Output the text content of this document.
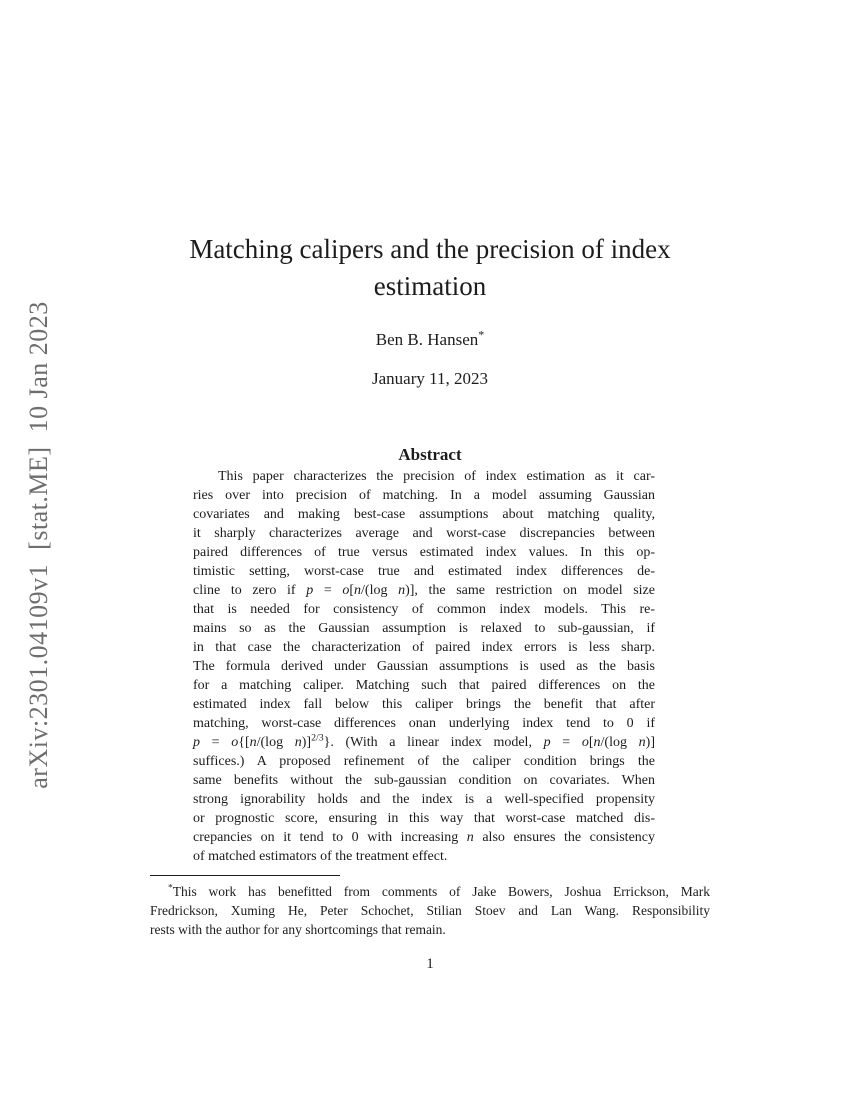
arXiv:2301.04109v1  [stat.ME]  10 Jan 2023
Matching calipers and the precision of index
estimation
Ben B. Hansen*
January 11, 2023
Abstract
This paper characterizes the precision of index estimation as it car-
ries over into precision of matching. In a model assuming Gaussian
covariates and making best-case assumptions about matching quality,
it sharply characterizes average and worst-case discrepancies between
paired differences of true versus estimated index values. In this op-
timistic setting, worst-case true and estimated index differences de-
cline to zero if p = o[n/(log n)], the same restriction on model size
that is needed for consistency of common index models. This re-
mains so as the Gaussian assumption is relaxed to sub-gaussian, if
in that case the characterization of paired index errors is less sharp.
The formula derived under Gaussian assumptions is used as the basis
for a matching caliper. Matching such that paired differences on the
estimated index fall below this caliper brings the benefit that after
matching, worst-case differences onan underlying index tend to 0 if
p = o{[n/(log n)]$^{2/3}$}. (With a linear index model, p = o[n/(log n)]
suffices.) A proposed refinement of the caliper condition brings the
same benefits without the sub-gaussian condition on covariates. When
strong ignorability holds and the index is a well-specified propensity
or prognostic score, ensuring in this way that worst-case matched dis-
crepancies on it tend to 0 with increasing n also ensures the consistency
of matched estimators of the treatment effect.
*This work has benefitted from comments of Jake Bowers, Joshua Errickson, Mark
Fredrickson, Xuming He, Peter Schochet, Stilian Stoev and Lan Wang. Responsibility
rests with the author for any shortcomings that remain.
1
